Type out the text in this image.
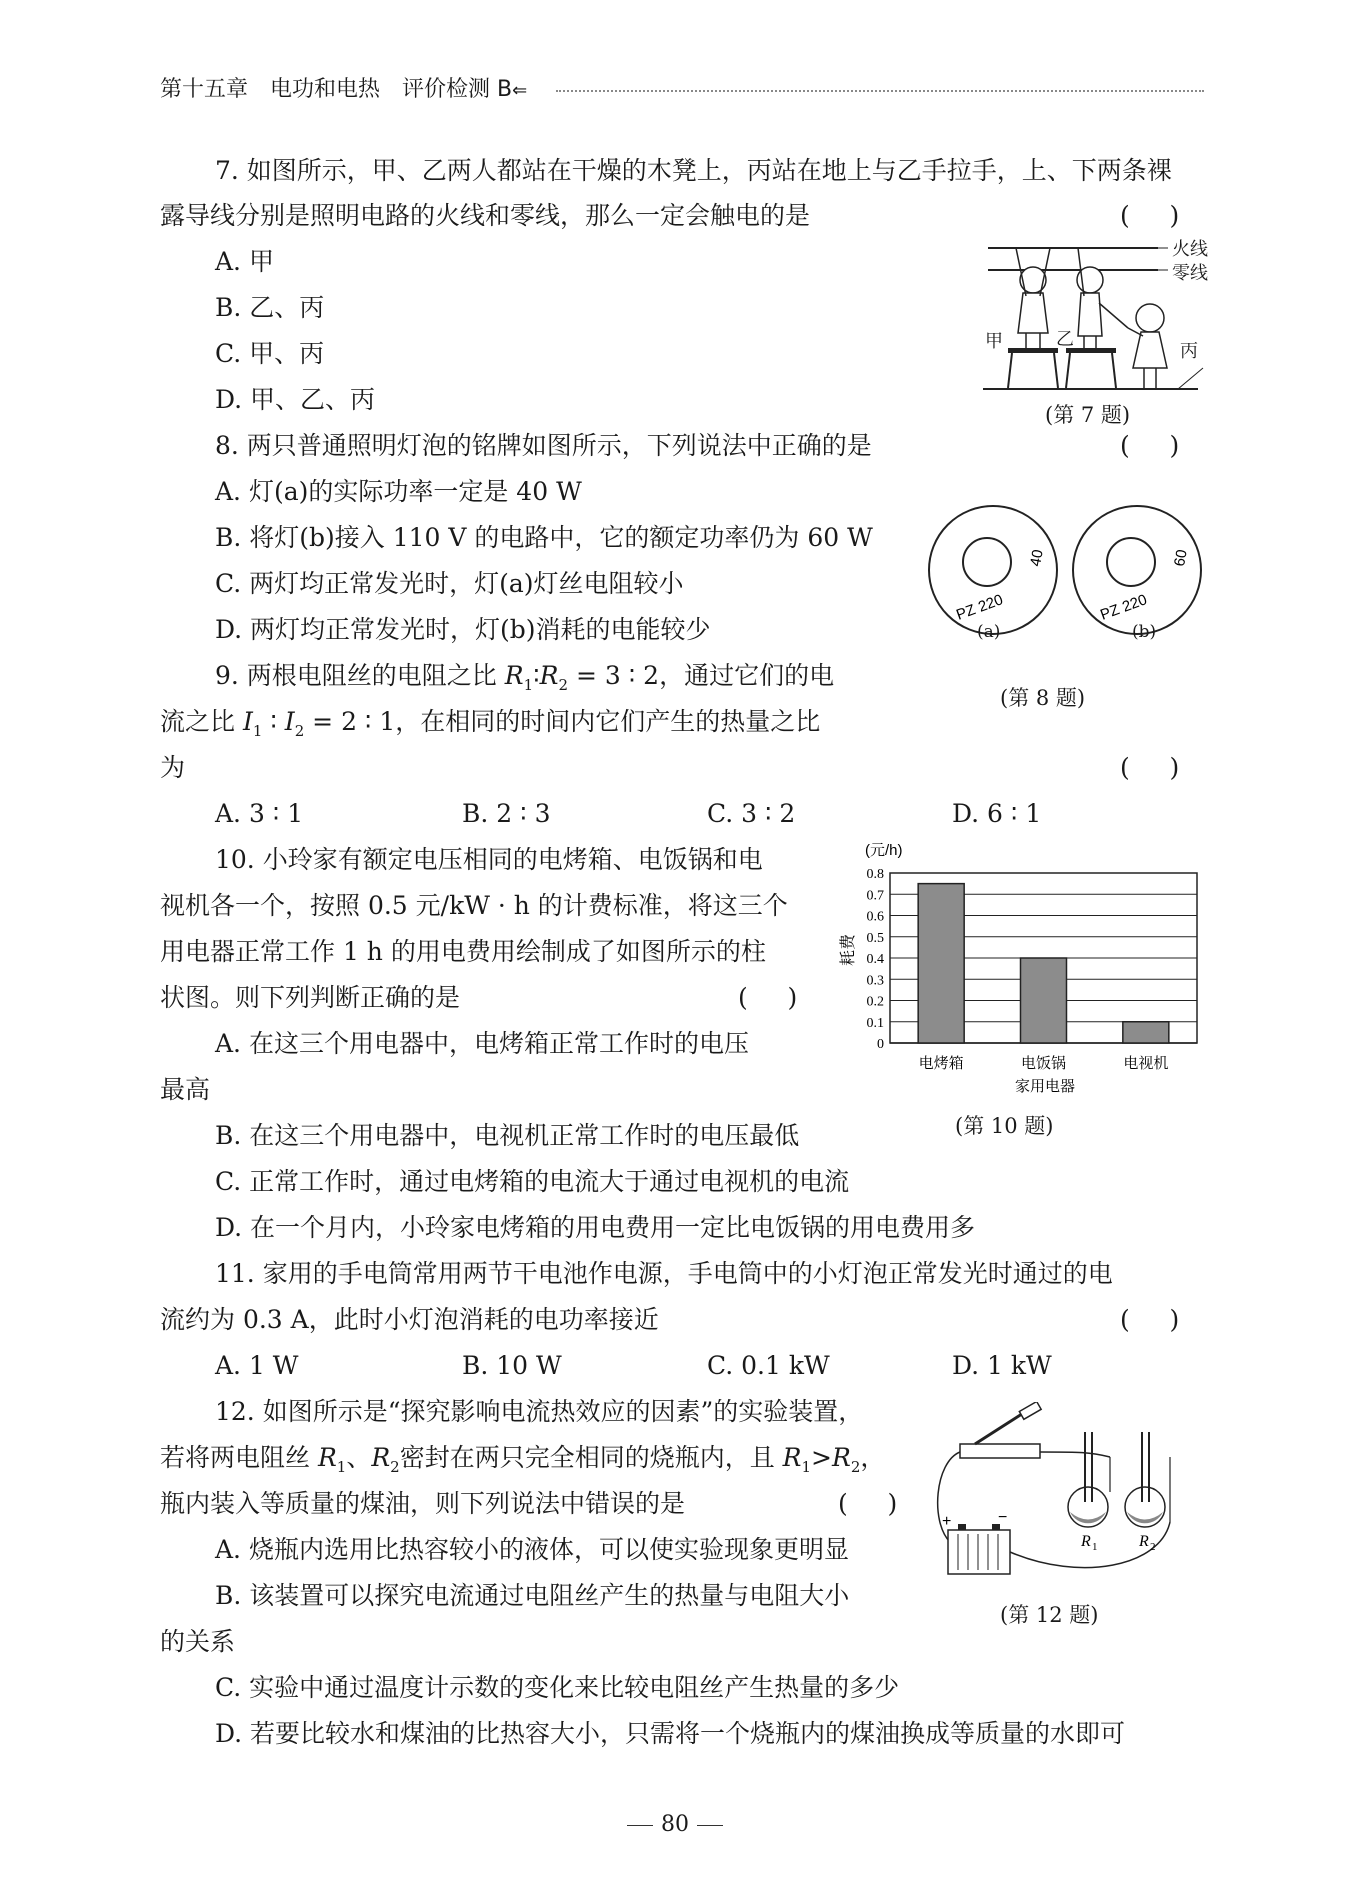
第十五章 电功和电热 评价检测 B⇐
7. 如图所示，甲、乙两人都站在干燥的木凳上，丙站在地上与乙手拉手，上、下两条裸
露导线分别是照明电路的火线和零线，那么一定会触电的是	(     )
A. 甲
B. 乙、丙
C. 甲、丙
D. 甲、乙、丙
火线
零线
甲	乙
丙
(第 7 题)
8. 两只普通照明灯泡的铭牌如图所示，下列说法中正确的是	(     )
A. 灯(a)的实际功率一定是 40 W
B. 将灯(b)接入 110 V 的电路中，它的额定功率仍为 60 W
C. 两灯均正常发光时，灯(a)灯丝电阻较小
D. 两灯均正常发光时，灯(b)消耗的电能较少
PZ 220
40
PZ 220
60
(a)	(b)
(第 8 题)
9. 两根电阻丝的电阻之比 $R_1∶R_2 = 3$ ∶ 2，通过它们的电
流之比 $I_1$ ∶ $I_2 = 2$ ∶ 1，在相同的时间内它们产生的热量之比
为	(     )
A. 3 ∶ 1	B. 2 ∶ 3	C. 3 ∶ 2	D. 6 ∶ 1
10. 小玲家有额定电压相同的电烤箱、电饭锅和电
视机各一个，按照 0.5 元/kW · h 的计费标准，将这三个
用电器正常工作 1 h 的用电费用绘制成了如图所示的柱
状图。则下列判断正确的是	(     )
A. 在这三个用电器中，电烤箱正常工作时的电压
最高
B. 在这三个用电器中，电视机正常工作时的电压最低
C. 正常工作时，通过电烤箱的电流大于通过电视机的电流
D. 在一个月内，小玲家电烤箱的用电费用一定比电饭锅的用电费用多
0
0.1
0.2
0.3
0.4
0.5
0.6
0.7
0.8
电烤箱	电饭锅	电视机
(元/h)
耗费
家用电器
(第 10 题)
11. 家用的手电筒常用两节干电池作电源，手电筒中的小灯泡正常发光时通过的电
流约为 0.3 A，此时小灯泡消耗的电功率接近	(     )
A. 1 W	B. 10 W	C. 0.1 kW	D. 1 kW
12. 如图所示是“探究影响电流热效应的因素”的实验装置，
若将两电阻丝 $R_1$、$R_2$密封在两只完全相同的烧瓶内，且 $R_1>R_2$，
瓶内装入等质量的煤油，则下列说法中错误的是	(     )
A. 烧瓶内选用比热容较小的液体，可以使实验现象更明显
B. 该装置可以探究电流通过电阻丝产生的热量与电阻大小
的关系
C. 实验中通过温度计示数的变化来比较电阻丝产生热量的多少
D. 若要比较水和煤油的比热容大小，只需将一个烧瓶内的煤油换成等质量的水即可
R 1	R 2
+	−
(第 12 题)
80
